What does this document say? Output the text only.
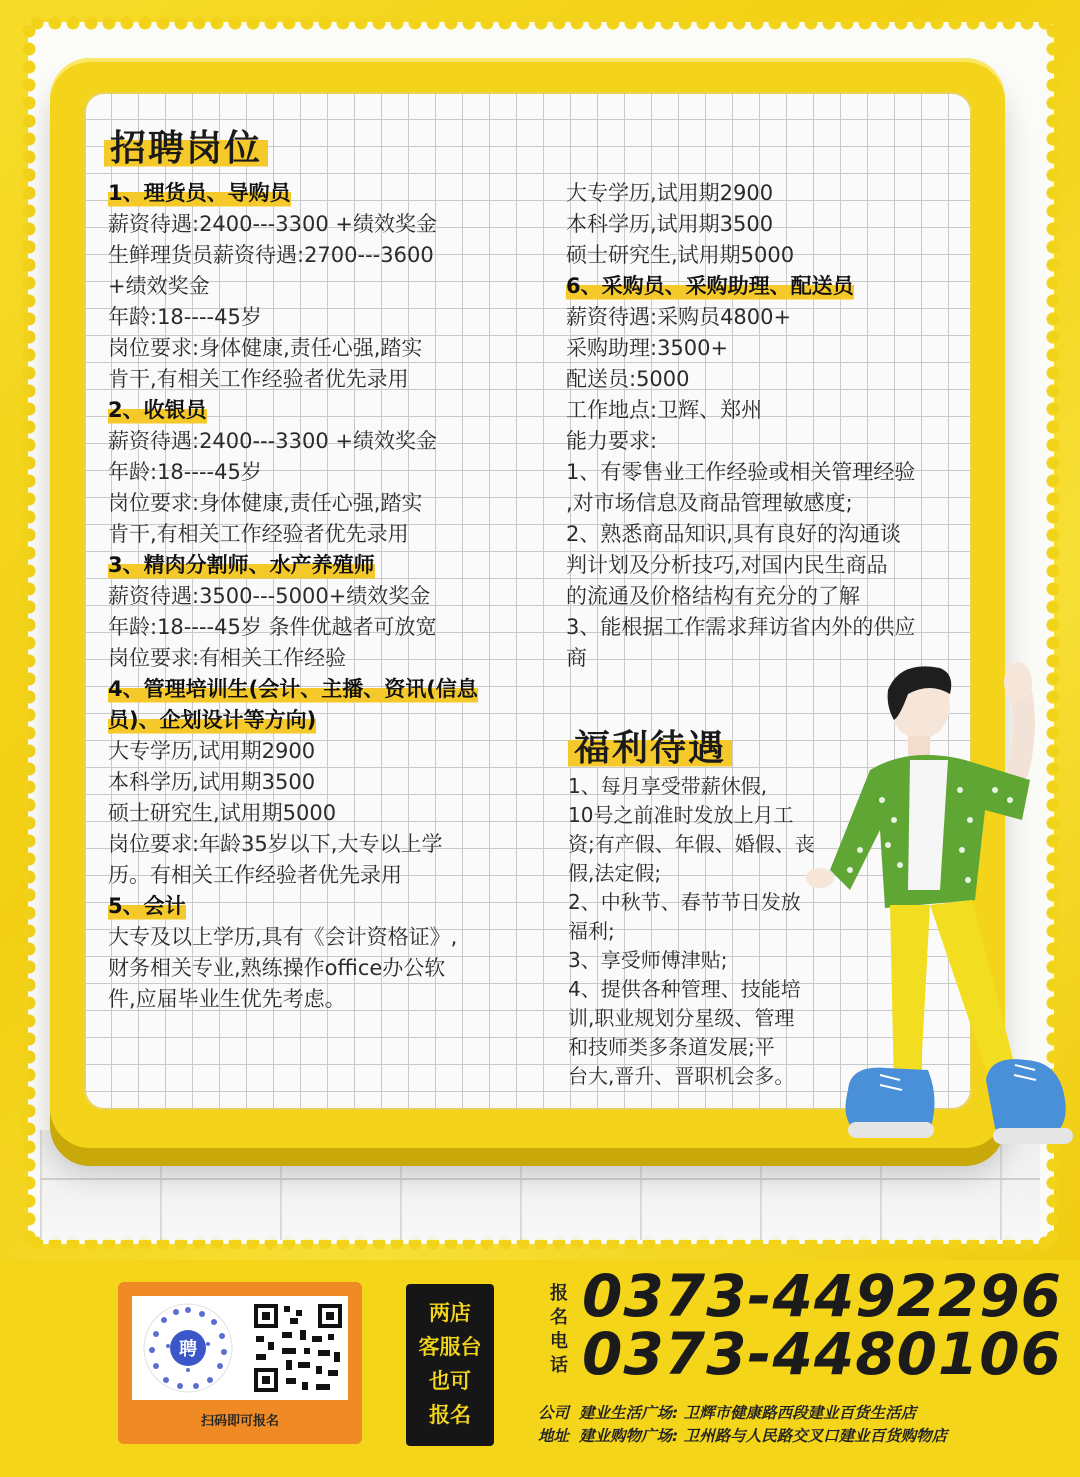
招聘岗位
1、理货员、导购员
薪资待遇:2400---3300 +绩效奖金
生鲜理货员薪资待遇:2700---3600
+绩效奖金
年龄:18----45岁
岗位要求:身体健康,责任心强,踏实
肯干,有相关工作经验者优先录用
2、收银员
薪资待遇:2400---3300 +绩效奖金
年龄:18----45岁
岗位要求:身体健康,责任心强,踏实
肯干,有相关工作经验者优先录用
3、精肉分割师、水产养殖师
薪资待遇:3500---5000+绩效奖金
年龄:18----45岁 条件优越者可放宽
岗位要求:有相关工作经验
4、管理培训生(会计、主播、资讯(信息
员)、企划设计等方向)
大专学历,试用期2900
本科学历,试用期3500
硕士研究生,试用期5000
岗位要求:年龄35岁以下,大专以上学
历。有相关工作经验者优先录用
5、会计
大专及以上学历,具有《会计资格证》,
财务相关专业,熟练操作office办公软
件,应届毕业生优先考虑。
大专学历,试用期2900
本科学历,试用期3500
硕士研究生,试用期5000
6、采购员、采购助理、配送员
薪资待遇:采购员4800+
采购助理:3500+
配送员:5000
工作地点:卫辉、郑州
能力要求:
1、有零售业工作经验或相关管理经验
,对市场信息及商品管理敏感度;
2、熟悉商品知识,具有良好的沟通谈
判计划及分析技巧,对国内民生商品
的流通及价格结构有充分的了解
3、能根据工作需求拜访省内外的供应
商
福利待遇
1、每月享受带薪休假,
10号之前准时发放上月工
资;有产假、年假、婚假、丧
假,法定假;
2、中秋节、春节节日发放
福利;
3、享受师傅津贴;
4、提供各种管理、技能培
训,职业规划分星级、管理
和技师类多条道发展;平
台大,晋升、晋职机会多。
聘
扫码即可报名
两店
客服台
也可
报名
报
名
电
话
0373-4492296
0373-4480106
公司 建业生活广场: 卫辉市健康路西段建业百货生活店
地址 建业购物广场: 卫州路与人民路交叉口建业百货购物店
